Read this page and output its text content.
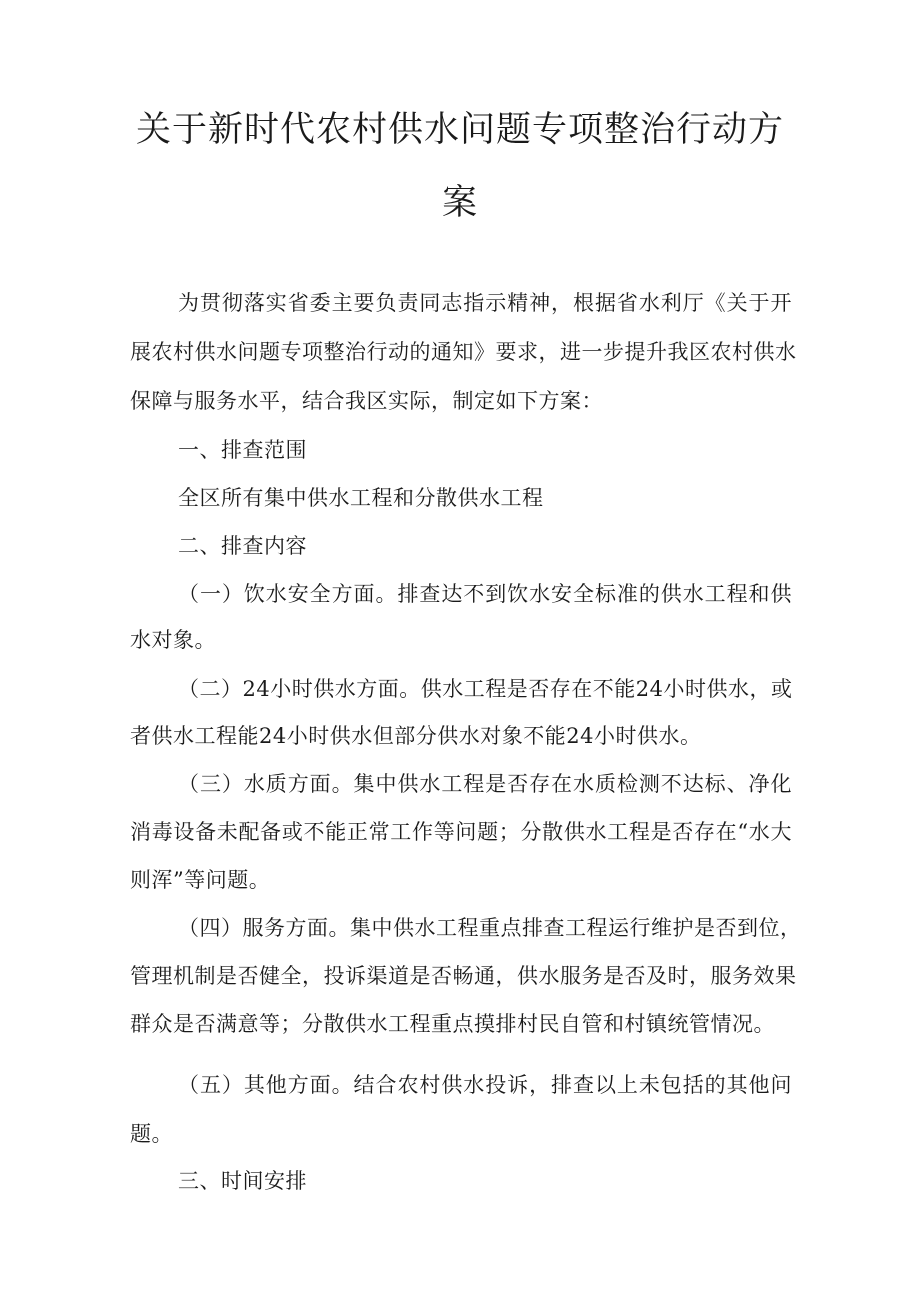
关于新时代农村供水问题专项整治行动方
案
为贯彻落实省委主要负责同志指示精神，根据省水利厅《关于开
展农村供水问题专项整治行动的通知》要求，进一步提升我区农村供水
保障与服务水平，结合我区实际，制定如下方案：
一、排查范围
全区所有集中供水工程和分散供水工程
二、排查内容
（一）饮水安全方面。排查达不到饮水安全标准的供水工程和供
水对象。
（二）24小时供水方面。供水工程是否存在不能24小时供水，或
者供水工程能24小时供水但部分供水对象不能24小时供水。
（三）水质方面。集中供水工程是否存在水质检测不达标、净化
消毒设备未配备或不能正常工作等问题；分散供水工程是否存在“水大
则浑”等问题。
（四）服务方面。集中供水工程重点排查工程运行维护是否到位，
管理机制是否健全，投诉渠道是否畅通，供水服务是否及时，服务效果
群众是否满意等；分散供水工程重点摸排村民自管和村镇统管情况。
（五）其他方面。结合农村供水投诉，排查以上未包括的其他问
题。
三、时间安排
